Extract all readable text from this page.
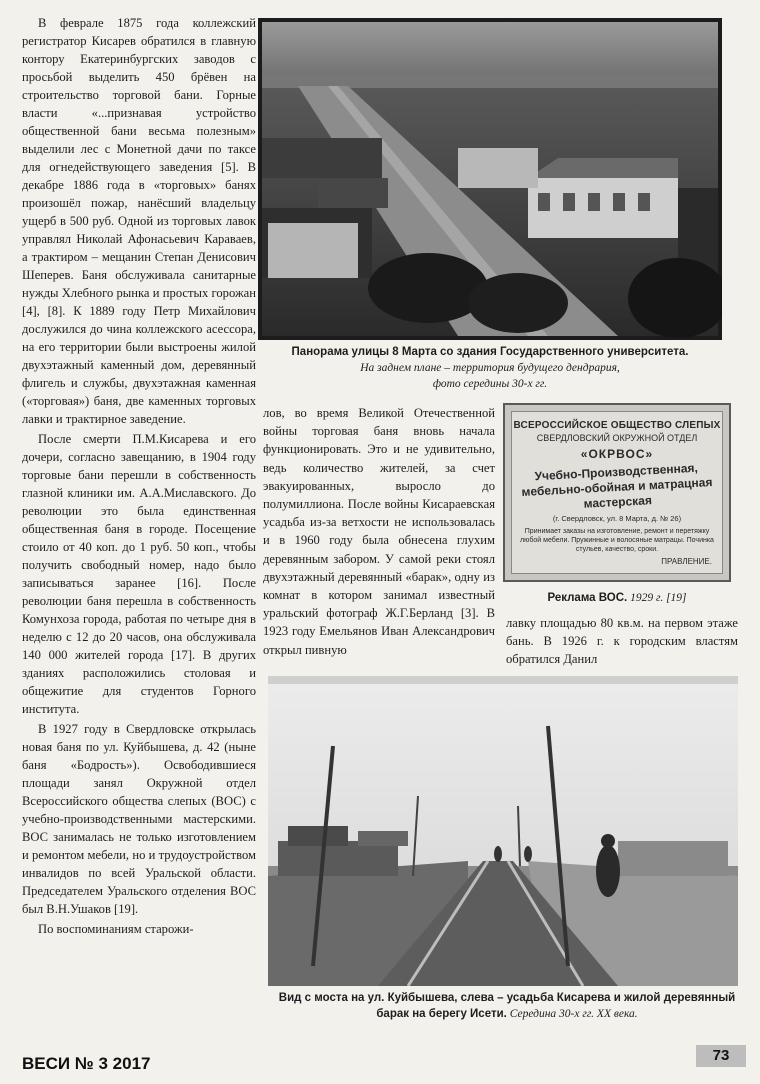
В феврале 1875 года коллежский регистратор Кисарев обратился в главную контору Екатеринбургских заводов с просьбой выделить 450 брёвен на строительство торговой бани. Горные власти «...признавая устройство общественной бани весьма полезным» выделили лес с Монетной дачи по таксе для огнедействующего заведения [5]. В декабре 1886 года в «торговых» банях произошёл пожар, нанёсший владельцу ущерб в 500 руб. Одной из торговых лавок управлял Николай Афонасьевич Караваев, а трактиром – мещанин Степан Денисович Шеперев. Баня обслуживала санитарные нужды Хлебного рынка и простых горожан [4], [8]. К 1889 году Петр Михайлович дослужился до чина коллежского асессора, на его территории были выстроены жилой двухэтажный каменный дом, деревянный флигель и службы, двухэтажная каменная («торговая») баня, две каменных торговых лавки и трактирное заведение.

После смерти П.М.Кисарева и его дочери, согласно завещанию, в 1904 году торговые бани перешли в собственность глазной клиники им. А.А.Миславского. До революции это была единственная общественная баня в городе. Посещение стоило от 40 коп. до 1 руб. 50 коп., чтобы получить свободный номер, надо было записываться заранее [16]. После революции баня перешла в собственность Комунхоза города, работая по четыре дня в неделю с 12 до 20 часов, она обслуживала 140 000 жителей города [17]. В других зданиях расположились столовая и общежитие для студентов Горного института.

В 1927 году в Свердловске открылась новая баня по ул. Куйбышева, д. 42 (ныне баня «Бодрость»). Освободившиеся площади занял Окружной отдел Всероссийского общества слепых (ВОС) с учебно-производственными мастерскими. ВОС занималась не только изготовлением и ремонтом мебели, но и трудоустройством инвалидов по всей Уральской области. Председателем Уральского отделения ВОС был В.Н.Ушаков [19].

По воспоминаниям старожи-

Панорама улицы 8 Марта со здания Государственного университета.
На заднем плане – территория будущего дендрария,
фото середины 30-х гг.
лов, во время Великой Отечественной войны торговая баня вновь начала функционировать. Это и не удивительно, ведь количество жителей, за счет эвакуированных, выросло до полумиллиона. После войны Кисараевская усадьба из-за ветхости не использовалась и в 1960 году была обнесена глухим деревянным забором. У самой реки стоял двухэтажный деревянный «барак», одну из комнат в котором занимал известный уральский фотограф Ж.Г.Берланд [3]. В 1923 году Емельянов Иван Александрович открыл пивную
ВСЕРОССИЙСКОЕ ОБЩЕСТВО СЛЕПЫХ
СВЕРДЛОВСКИЙ ОКРУЖНОЙ ОТДЕЛ
«ОКРВОС»
Учебно-Производственная, мебельно-обойная и матрацная мастерская
(г. Свердловск, ул. 8 Марта, д. № 26)
Принимает заказы на изготовление, ремонт и перетяжку любой мебели. Пружинные и волосяные матрацы. Починка стульев, качество, сроки.
ПРАВЛЕНИЕ.
Реклама ВОС. 1929 г. [19]
лавку площадью 80 кв.м. на первом этаже бань. В 1926 г. к городским властям обратился Данил
Вид с моста на ул. Куйбышева, слева – усадьба Кисарева и жилой деревянный барак на берегу Исети. Середина 30-х гг. XX века.
ВЕСИ № 3 2017	73
